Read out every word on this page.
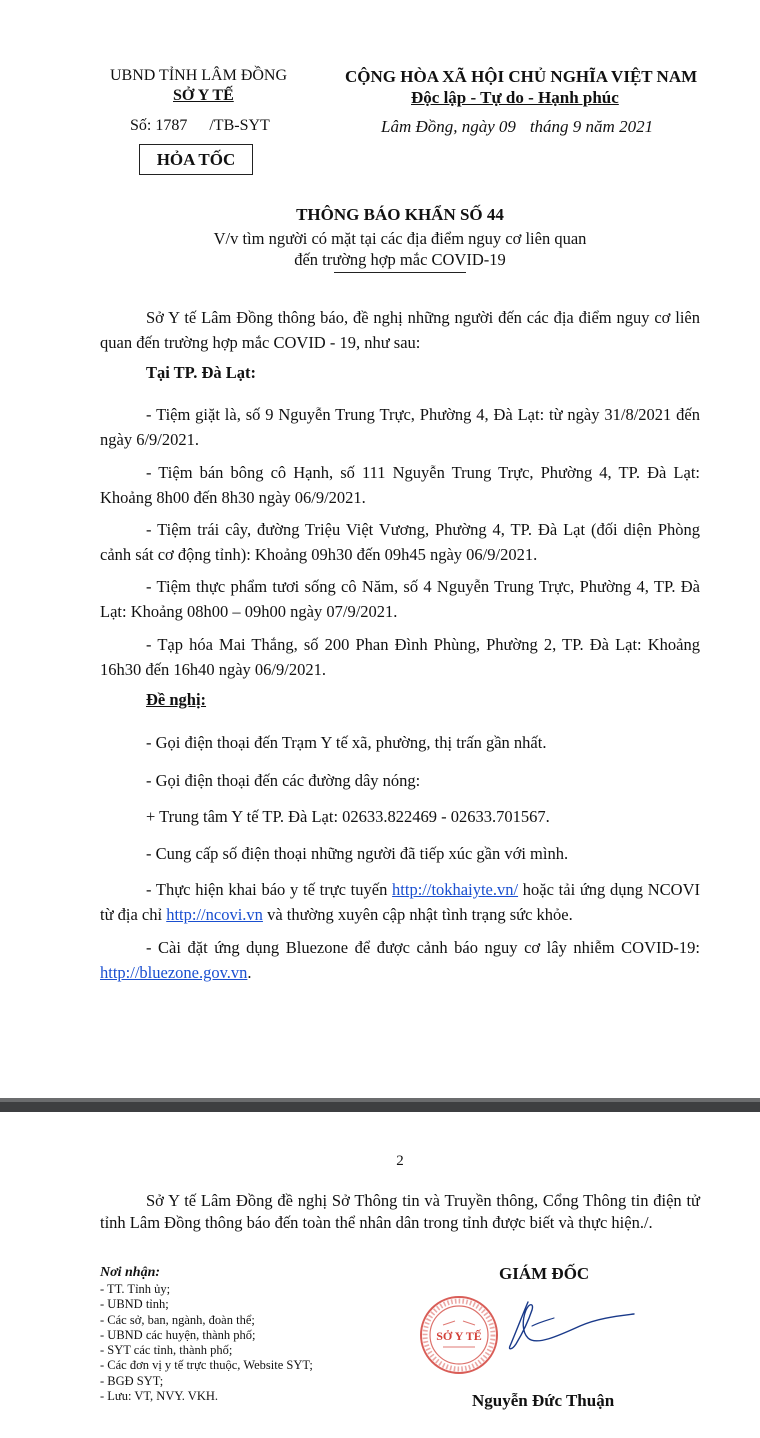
UBND TỈNH LÂM ĐỒNG
SỞ Y TẾ
Số: 1787 /TB-SYT
CỘNG HÒA XÃ HỘI CHỦ NGHĨA VIỆT NAM
Độc lập - Tự do - Hạnh phúc
Lâm Đồng, ngày 09 tháng 9 năm 2021
HỎA TỐC
THÔNG BÁO KHẨN SỐ 44
V/v tìm người có mặt tại các địa điểm nguy cơ liên quan
đến trường hợp mắc COVID-19
Sở Y tế Lâm Đồng thông báo, đề nghị những người đến các địa điểm nguy cơ liên quan đến trường hợp mắc COVID - 19, như sau:
Tại TP. Đà Lạt:
- Tiệm giặt là, số 9 Nguyễn Trung Trực, Phường 4, Đà Lạt: từ ngày 31/8/2021 đến ngày 6/9/2021.
- Tiệm bán bông cô Hạnh, số 111 Nguyễn Trung Trực, Phường 4, TP. Đà Lạt: Khoảng 8h00 đến 8h30 ngày 06/9/2021.
- Tiệm trái cây, đường Triệu Việt Vương, Phường 4, TP. Đà Lạt (đối diện Phòng cảnh sát cơ động tỉnh): Khoảng 09h30 đến 09h45 ngày 06/9/2021.
- Tiệm thực phẩm tươi sống cô Năm, số 4 Nguyễn Trung Trực, Phường 4, TP. Đà Lạt: Khoảng 08h00 – 09h00 ngày 07/9/2021.
- Tạp hóa Mai Thắng, số 200 Phan Đình Phùng, Phường 2, TP. Đà Lạt: Khoảng 16h30 đến 16h40 ngày 06/9/2021.
Đề nghị:
- Gọi điện thoại đến Trạm Y tế xã, phường, thị trấn gần nhất.
- Gọi điện thoại đến các đường dây nóng:
+ Trung tâm Y tế TP. Đà Lạt: 02633.822469 - 02633.701567.
- Cung cấp số điện thoại những người đã tiếp xúc gần với mình.
- Thực hiện khai báo y tế trực tuyến http://tokhaiyte.vn/ hoặc tải ứng dụng NCOVI từ địa chỉ http://ncovi.vn và thường xuyên cập nhật tình trạng sức khỏe.
- Cài đặt ứng dụng Bluezone để được cảnh báo nguy cơ lây nhiễm COVID-19: http://bluezone.gov.vn.
2
Sở Y tế Lâm Đồng đề nghị Sở Thông tin và Truyền thông, Cổng Thông tin điện tử tỉnh Lâm Đồng thông báo đến toàn thể nhân dân trong tỉnh được biết và thực hiện./.
Nơi nhận:
- TT. Tỉnh ủy;
- UBND tỉnh;
- Các sở, ban, ngành, đoàn thể;
- UBND các huyện, thành phố;
- SYT các tỉnh, thành phố;
- Các đơn vị y tế trực thuộc, Website SYT;
- BGĐ SYT;
- Lưu: VT, NVY. VKH.
GIÁM ĐỐC
SỞ Y TẾ
Nguyễn Đức Thuận
